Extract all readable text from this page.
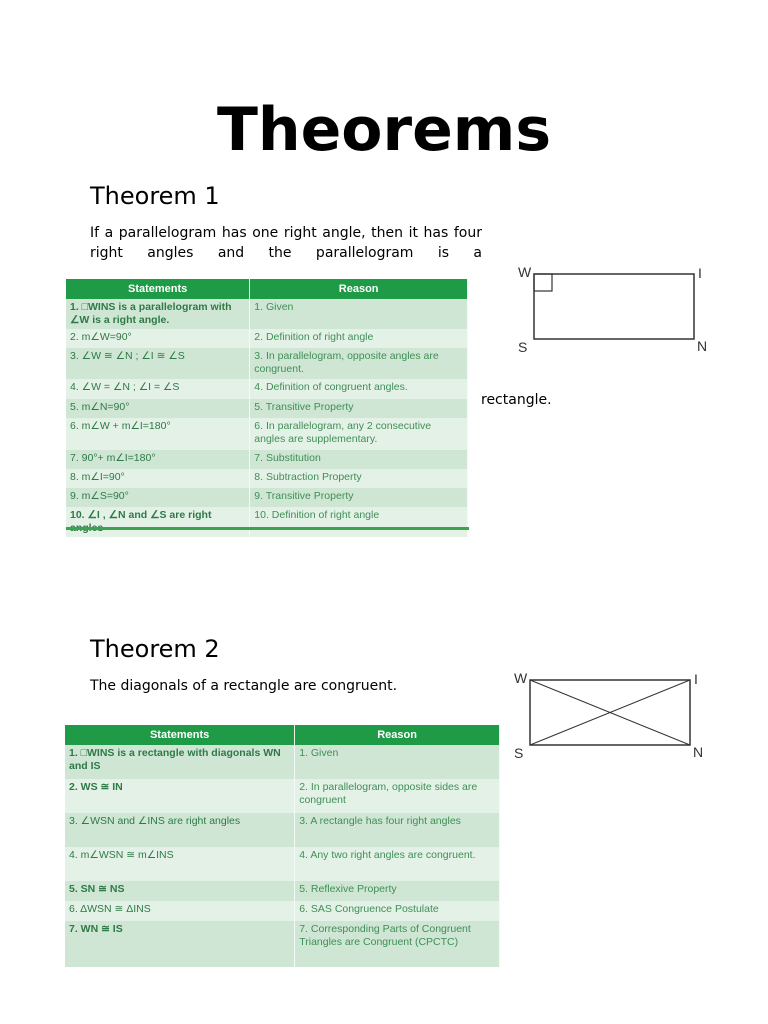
Theorems
Theorem 1

If a parallelogram has one right angle, then it has four right angles and the parallelogram is a

rectangle.
Statements	Reason
1. □WINS is a parallelogram with ∠W is a right angle.	1. Given
2. m∠W=90°	2. Definition of right angle
3. ∠W ≅ ∠N ; ∠I ≅ ∠S	3. In parallelogram, opposite angles are congruent.
4. ∠W = ∠N ; ∠I = ∠S	4. Definition of congruent angles.
5. m∠N=90°	5. Transitive Property
6. m∠W + m∠I=180°	6. In parallelogram, any 2 consecutive angles are supplementary.
7. 90°+ m∠I=180°	7. Substitution
8. m∠I=90°	8. Subtraction Property
9. m∠S=90°	9. Transitive Property
10. ∠I , ∠N and ∠S are right	10. Definition of right angle
W	I
S	N
Theorem 2

The diagonals of a rectangle are congruent.

Statements	Reason
1. □WINS is a rectangle with diagonals WN and IS	1. Given
2. WS ≅ IN	2. In parallelogram, opposite sides are congruent
3. ∠WSN and ∠INS are right angles	3. A rectangle has four right angles
4. m∠WSN ≅ m∠INS	4. Any two right angles are congruent.
5. SN ≅ NS	5. Reflexive Property
6. ΔWSN ≅ ΔINS	6. SAS Congruence Postulate
7. WN ≅ IS	7. Corresponding Parts of Congruent Triangles are Congruent (CPCTC)
W	I
S	N
